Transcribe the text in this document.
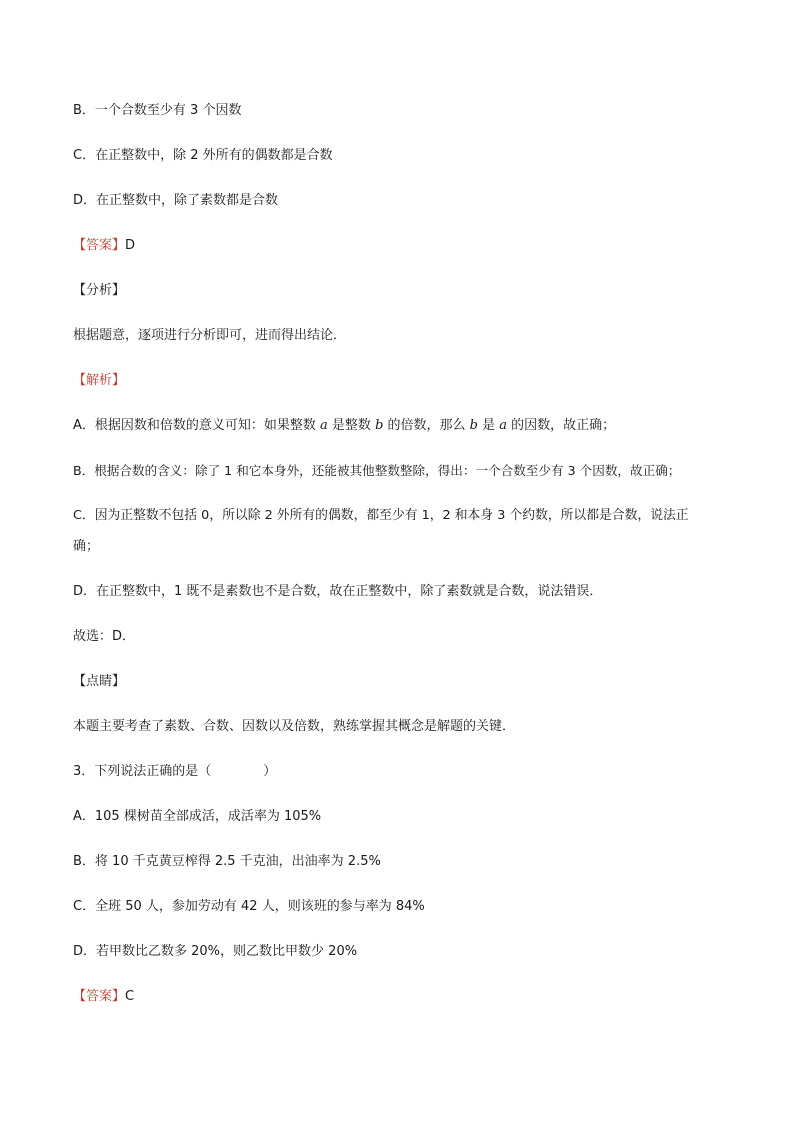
B．一个合数至少有 3 个因数
C．在正整数中，除 2 外所有的偶数都是合数
D．在正整数中，除了素数都是合数
【答案】D
【分析】
根据题意，逐项进行分析即可，进而得出结论．
【解析】
A．根据因数和倍数的意义可知：如果整数 a 是整数 b 的倍数，那么 b 是 a 的因数，故正确；
B．根据合数的含义：除了 1 和它本身外，还能被其他整数整除，得出：一个合数至少有 3 个因数，故正确；
C．因为正整数不包括 0，所以除 2 外所有的偶数，都至少有 1，2 和本身 3 个约数，所以都是合数，说法正
确；
D．在正整数中，1 既不是素数也不是合数，故在正整数中，除了素数就是合数，说法错误．
故选：D．
【点睛】
本题主要考查了素数、合数、因数以及倍数，熟练掌握其概念是解题的关键．
3．下列说法正确的是（　　　　）
A．105 棵树苗全部成活，成活率为 105%
B．将 10 千克黄豆榨得 2.5 千克油，出油率为 2.5%
C．全班 50 人，参加劳动有 42 人，则该班的参与率为 84%
D．若甲数比乙数多 20%，则乙数比甲数少 20%
【答案】C
